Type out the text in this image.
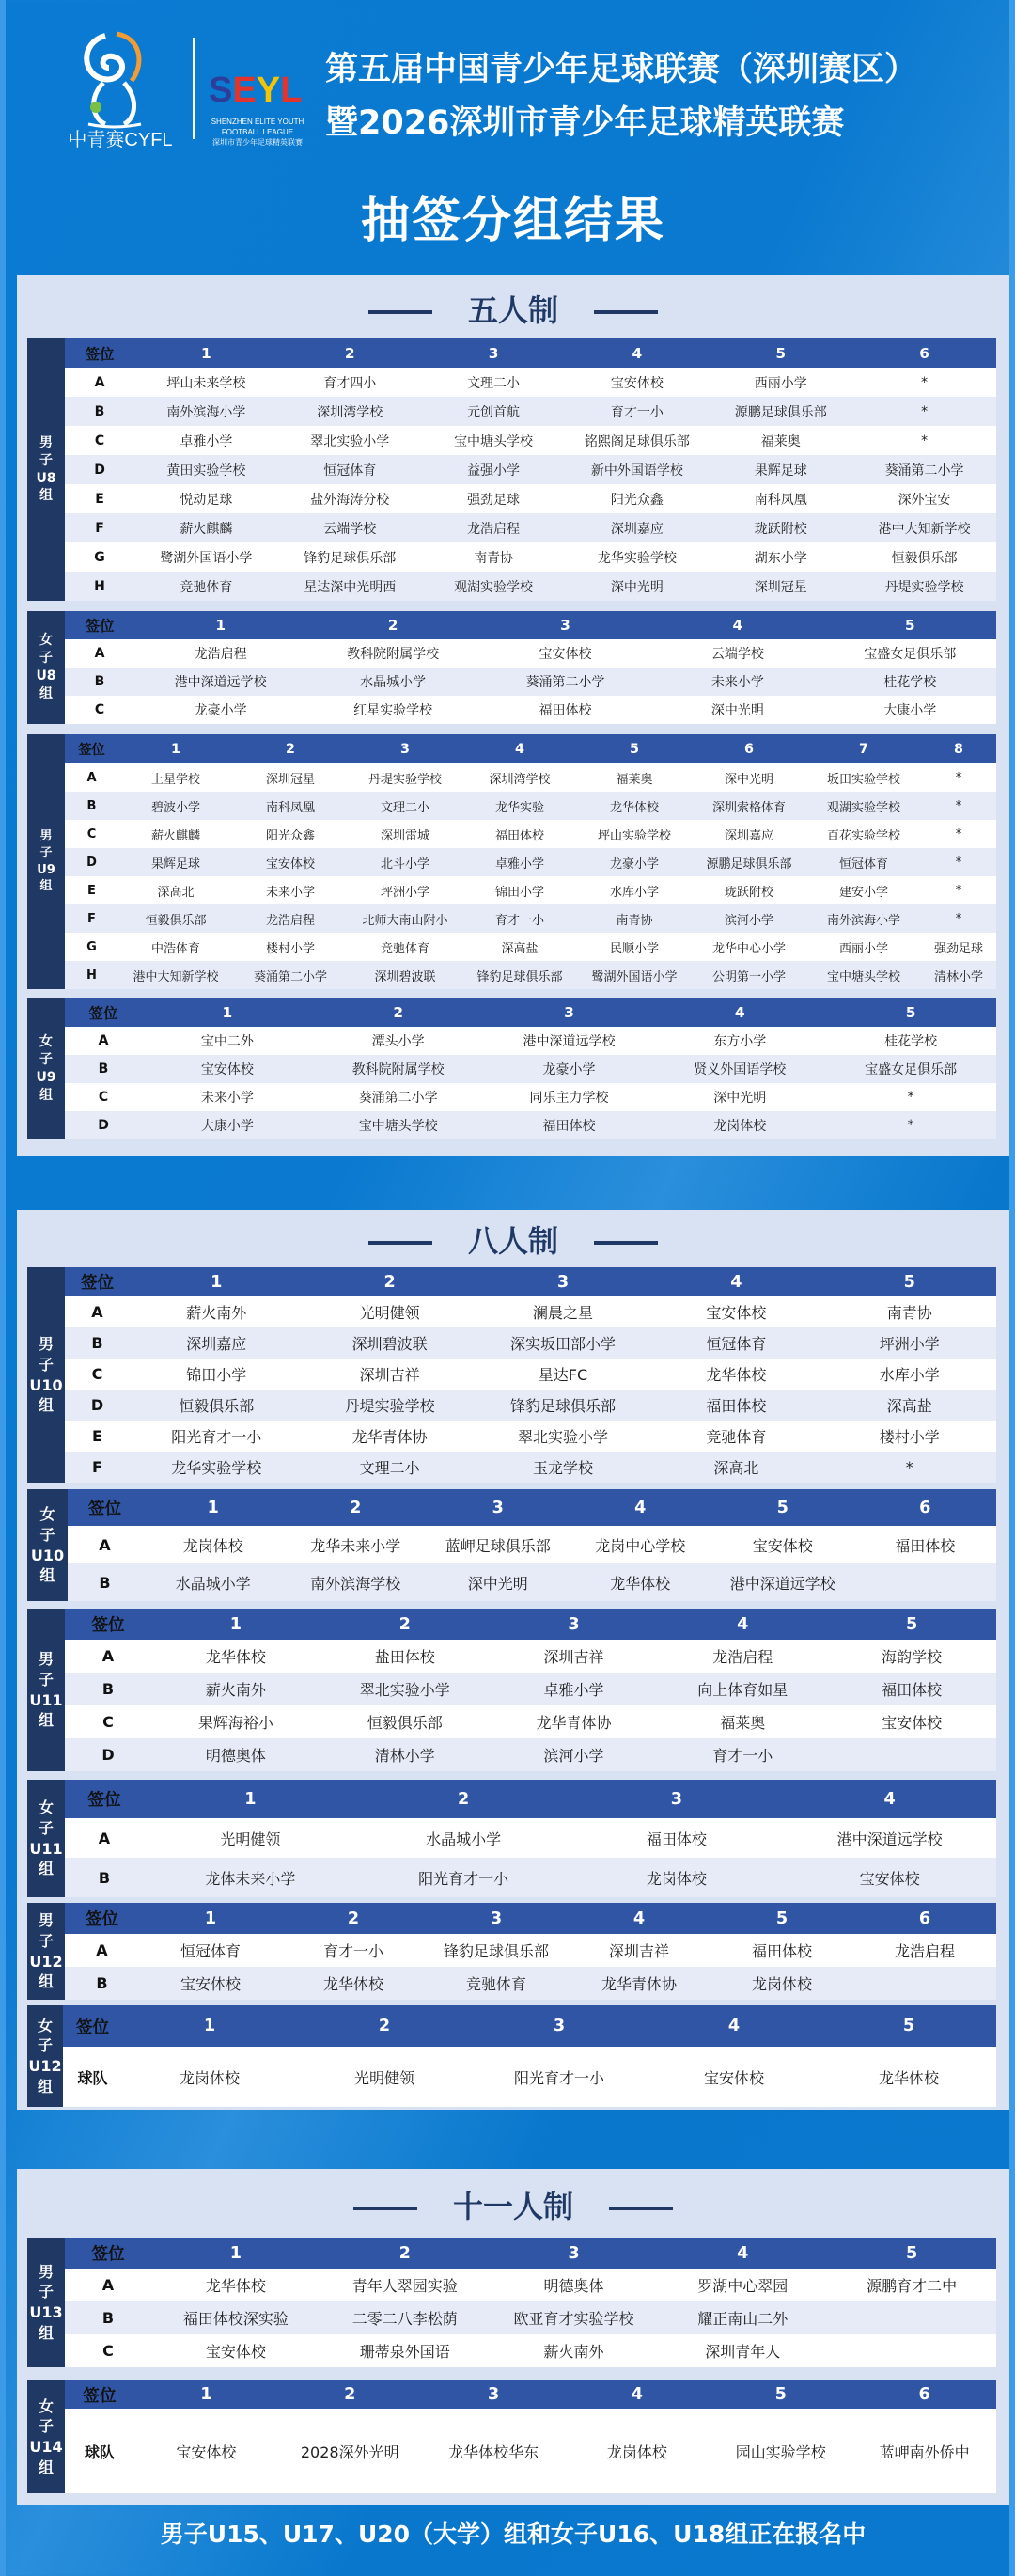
中青赛CYFL
SEYL
SHENZHEN ELITE YOUTH
FOOTBALL LEAGUE
深圳市青少年足球精英联赛
第五届中国青少年足球联赛（深圳赛区）
暨2026深圳市青少年足球精英联赛
抽签分组结果
五人制
八人制
十一人制
男
子
U8
组
签位	1	2	3	4	5	6
A	坪山未来学校	育才四小	文理二小	宝安体校	西丽小学	*
B	南外滨海小学	深圳湾学校	元创首航	育才一小	源鹏足球俱乐部	*
C	卓雅小学	翠北实验小学	宝中塘头学校	铭熙阁足球俱乐部	福莱奥	*
D	黄田实验学校	恒冠体育	益强小学	新中外国语学校	果辉足球	葵涌第二小学
E	悦动足球	盐外海涛分校	强劲足球	阳光众鑫	南科凤凰	深外宝安
F	薪火麒麟	云端学校	龙浩启程	深圳嘉应	珑跃附校	港中大知新学校
G	鹭湖外国语小学	锋豹足球俱乐部	南青协	龙华实验学校	湖东小学	恒毅俱乐部
H	竞驰体育	星达深中光明西	观湖实验学校	深中光明	深圳冠星	丹堤实验学校
女
子
U8
组
签位	1	2	3	4	5
A	龙浩启程	教科院附属学校	宝安体校	云端学校	宝盛女足俱乐部
B	港中深道远学校	水晶城小学	葵涌第二小学	未来小学	桂花学校
C	龙豪小学	红星实验学校	福田体校	深中光明	大康小学
男
子
U9
组
签位	1	2	3	4	5	6	7	8
A	上星学校	深圳冠星	丹堤实验学校	深圳湾学校	福莱奥	深中光明	坂田实验学校	*
B	碧波小学	南科凤凰	文理二小	龙华实验	龙华体校	深圳索格体育	观湖实验学校	*
C	薪火麒麟	阳光众鑫	深圳雷城	福田体校	坪山实验学校	深圳嘉应	百花实验学校	*
D	果辉足球	宝安体校	北斗小学	卓雅小学	龙豪小学	源鹏足球俱乐部	恒冠体育	*
E	深高北	未来小学	坪洲小学	锦田小学	水库小学	珑跃附校	建安小学	*
F	恒毅俱乐部	龙浩启程	北师大南山附小	育才一小	南青协	滨河小学	南外滨海小学	*
G	中浩体育	楼村小学	竞驰体育	深高盐	民顺小学	龙华中心小学	西丽小学	强劲足球
H	港中大知新学校	葵涌第二小学	深圳碧波联	锋豹足球俱乐部	鹭湖外国语小学	公明第一小学	宝中塘头学校	清林小学
女
子
U9
组
签位	1	2	3	4	5
A	宝中二外	潭头小学	港中深道远学校	东方小学	桂花学校
B	宝安体校	教科院附属学校	龙豪小学	贤义外国语学校	宝盛女足俱乐部
C	未来小学	葵涌第二小学	同乐主力学校	深中光明	*
D	大康小学	宝中塘头学校	福田体校	龙岗体校	*
男
子
U10
组
签位	1	2	3	4	5
A	薪火南外	光明健领	澜晨之星	宝安体校	南青协
B	深圳嘉应	深圳碧波联	深实坂田部小学	恒冠体育	坪洲小学
C	锦田小学	深圳吉祥	星达FC	龙华体校	水库小学
D	恒毅俱乐部	丹堤实验学校	锋豹足球俱乐部	福田体校	深高盐
E	阳光育才一小	龙华青体协	翠北实验小学	竞驰体育	楼村小学
F	龙华实验学校	文理二小	玉龙学校	深高北	*
女
子
U10
组
签位	1	2	3	4	5	6
A	龙岗体校	龙华未来小学	蓝岬足球俱乐部	龙岗中心学校	宝安体校	福田体校
B	水晶城小学	南外滨海学校	深中光明	龙华体校	港中深道远学校
男
子
U11
组
签位	1	2	3	4	5
A	龙华体校	盐田体校	深圳吉祥	龙浩启程	海韵学校
B	薪火南外	翠北实验小学	卓雅小学	向上体育如星	福田体校
C	果辉海裕小	恒毅俱乐部	龙华青体协	福莱奥	宝安体校
D	明德奥体	清林小学	滨河小学	育才一小
女
子
U11
组
签位	1	2	3	4
A	光明健领	水晶城小学	福田体校	港中深道远学校
B	龙体未来小学	阳光育才一小	龙岗体校	宝安体校
男
子
U12
组
签位	1	2	3	4	5	6
A	恒冠体育	育才一小	锋豹足球俱乐部	深圳吉祥	福田体校	龙浩启程
B	宝安体校	龙华体校	竞驰体育	龙华青体协	龙岗体校
女
子
U12
组
签位	1	2	3	4	5
球队	龙岗体校	光明健领	阳光育才一小	宝安体校	龙华体校
男
子
U13
组
签位	1	2	3	4	5
A	龙华体校	青年人翠园实验	明德奥体	罗湖中心翠园	源鹏育才二中
B	福田体校深实验	二零二八李松荫	欧亚育才实验学校	耀正南山二外
C	宝安体校	珊蒂泉外国语	薪火南外	深圳青年人
女
子
U14
组
签位	1	2	3	4	5	6
球队	宝安体校	2028深外光明	龙华体校华东	龙岗体校	园山实验学校	蓝岬南外侨中
男子U15、U17、U20（大学）组和女子U16、U18组正在报名中
